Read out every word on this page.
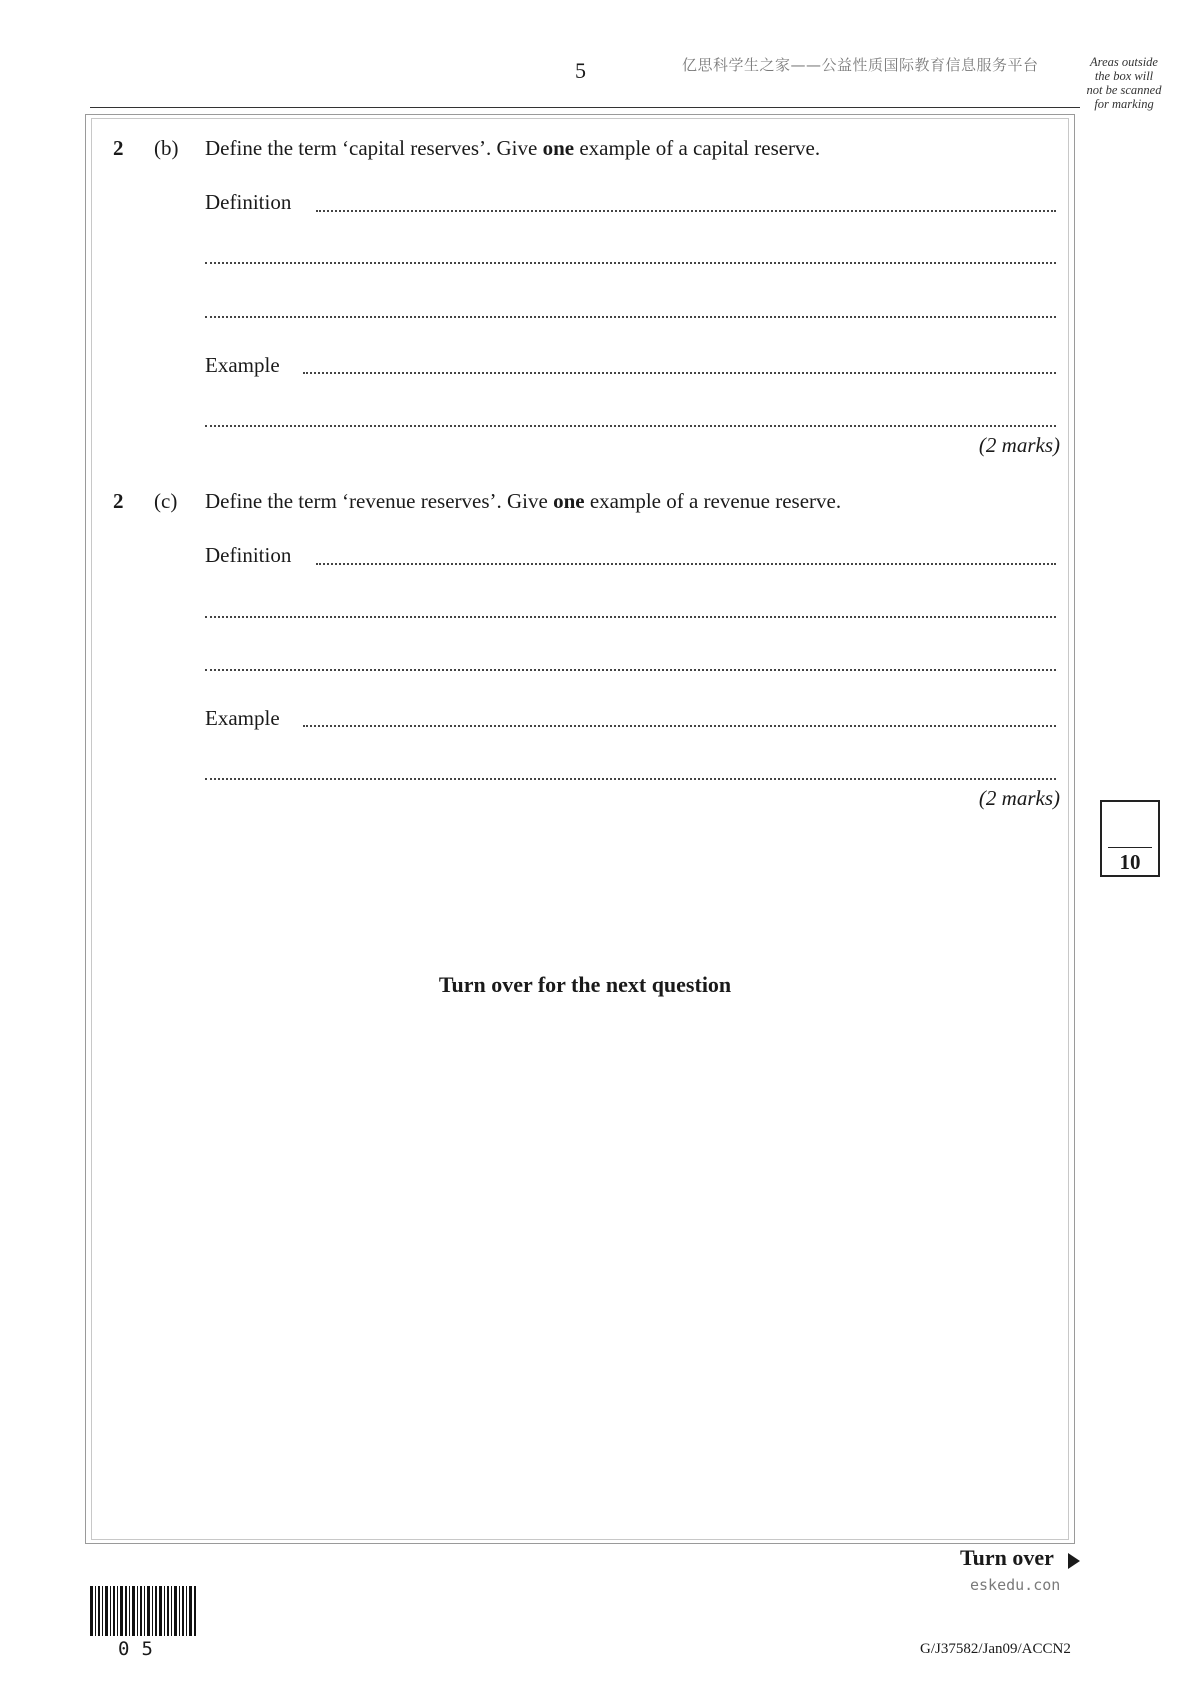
5	亿思科学生之家——公益性质国际教育信息服务平台	Areas outside
the box will
not be scanned
for marking
2 (b) Define the term ‘capital reserves’. Give one example of a capital reserve.
Definition
Example
(2 marks)
2 (c) Define the term ‘revenue reserves’. Give one example of a revenue reserve.
Definition
Example
(2 marks)
10
Turn over for the next question
Turn over
eskedu.con
05	G/J37582/Jan09/ACCN2
